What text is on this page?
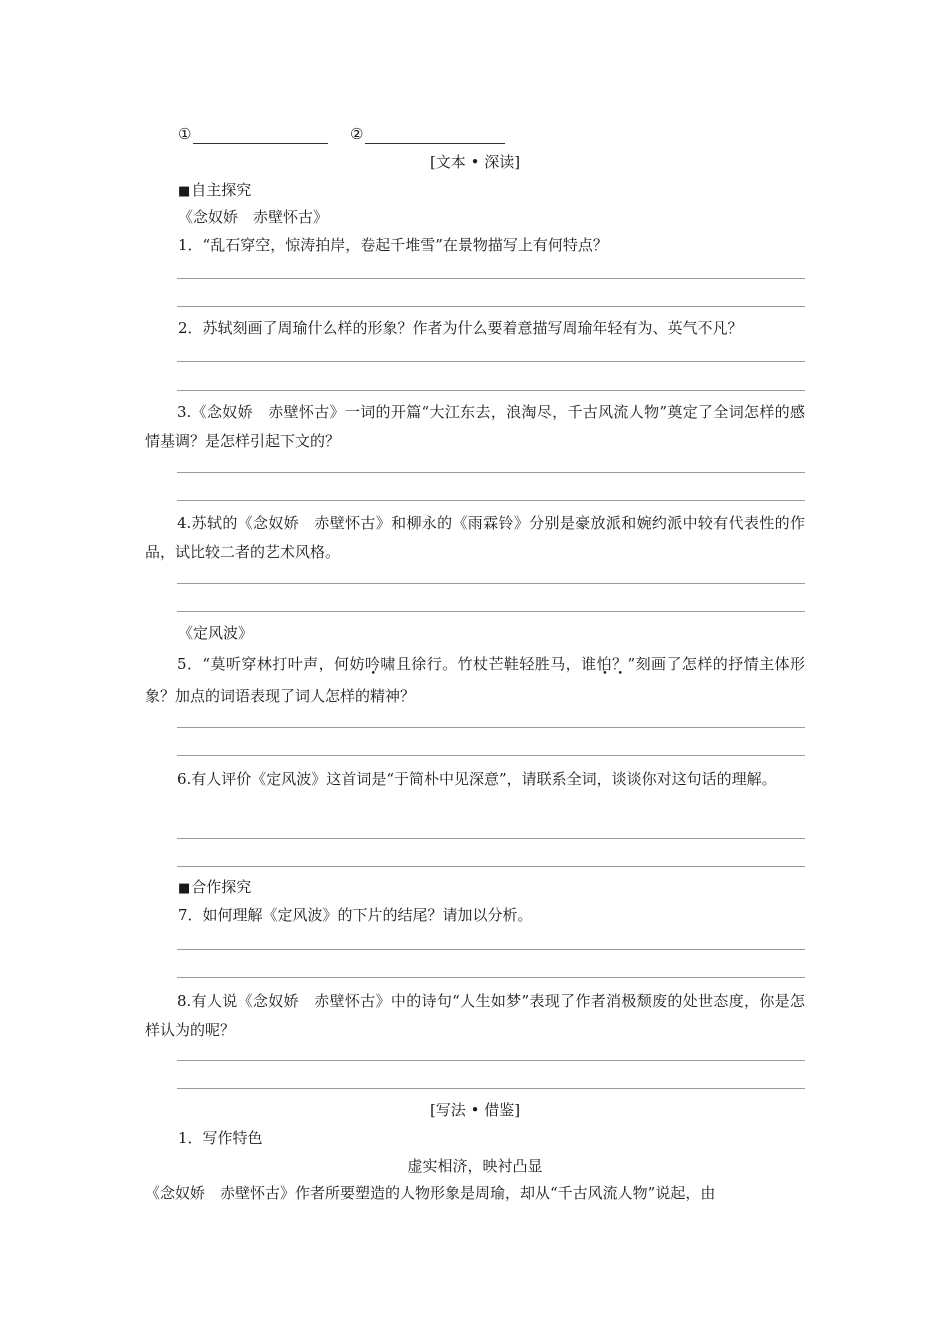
①	②
[文本 • 深读]
■自主探究
《念奴娇　赤壁怀古》
1．“乱石穿空，惊涛拍岸，卷起千堆雪”在景物描写上有何特点？
2．苏轼刻画了周瑜什么样的形象？作者为什么要着意描写周瑜年轻有为、英气不凡？
3.《念奴娇　赤壁怀古》一词的开篇“大江东去，浪淘尽，千古风流人物”奠定了全词怎样的感情基调？是怎样引起下文的？
4.苏轼的《念奴娇　赤壁怀古》和柳永的《雨霖铃》分别是豪放派和婉约派中较有代表性的作品，试比较二者的艺术风格。
《定风波》
5．“莫听穿林打叶声，何妨吟啸且徐行。竹杖芒鞋轻胜马，谁怕？”刻画了怎样的抒情主体形象？加点的词语表现了词人怎样的精神？
6.有人评价《定风波》这首词是“于简朴中见深意”，请联系全词，谈谈你对这句话的理解。
■合作探究
7．如何理解《定风波》的下片的结尾？请加以分析。
8.有人说《念奴娇　赤壁怀古》中的诗句“人生如梦”表现了作者消极颓废的处世态度，你是怎样认为的呢？
[写法 • 借鉴]
1．写作特色
虚实相济，映衬凸显
《念奴娇　赤壁怀古》作者所要塑造的人物形象是周瑜，却从“千古风流人物”说起，由
